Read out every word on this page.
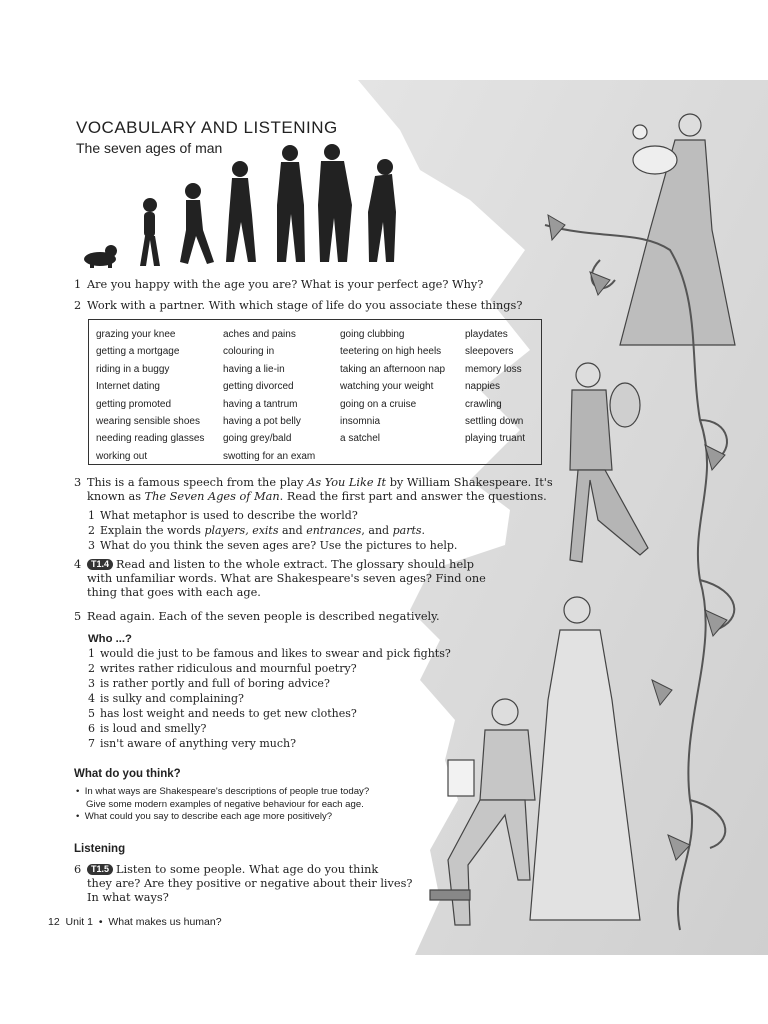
VOCABULARY AND LISTENING
The seven ages of man
1 Are you happy with the age you are? What is your perfect age? Why?
2 Work with a partner. With which stage of life do you associate these things?
grazing your knee
getting a mortgage
riding in a buggy
Internet dating
getting promoted
wearing sensible shoes
needing reading glasses
working out
aches and pains
colouring in
having a lie-in
getting divorced
having a tantrum
having a pot belly
going grey/bald
swotting for an exam
going clubbing
teetering on high heels
taking an afternoon nap
watching your weight
going on a cruise
insomnia
a satchel
playdates
sleepovers
memory loss
nappies
crawling
settling down
playing truant
3 This is a famous speech from the play As You Like It by William Shakespeare. It's
known as The Seven Ages of Man. Read the first part and answer the questions.
1 What metaphor is used to describe the world?
2 Explain the words players, exits and entrances, and parts.
3 What do you think the seven ages are? Use the pictures to help.
4 T1.4 Read and listen to the whole extract. The glossary should help
with unfamiliar words. What are Shakespeare's seven ages? Find one
thing that goes with each age.
5 Read again. Each of the seven people is described negatively.
Who ...?
1 would die just to be famous and likes to swear and pick fights?
2 writes rather ridiculous and mournful poetry?
3 is rather portly and full of boring advice?
4 is sulky and complaining?
5 has lost weight and needs to get new clothes?
6 is loud and smelly?
7 isn't aware of anything very much?
What do you think?
•  In what ways are Shakespeare's descriptions of people true today?
Give some modern examples of negative behaviour for each age.
•  What could you say to describe each age more positively?
Listening
6 T1.5 Listen to some people. What age do you think
they are? Are they positive or negative about their lives?
In what ways?
12 Unit 1 • What makes us human?
